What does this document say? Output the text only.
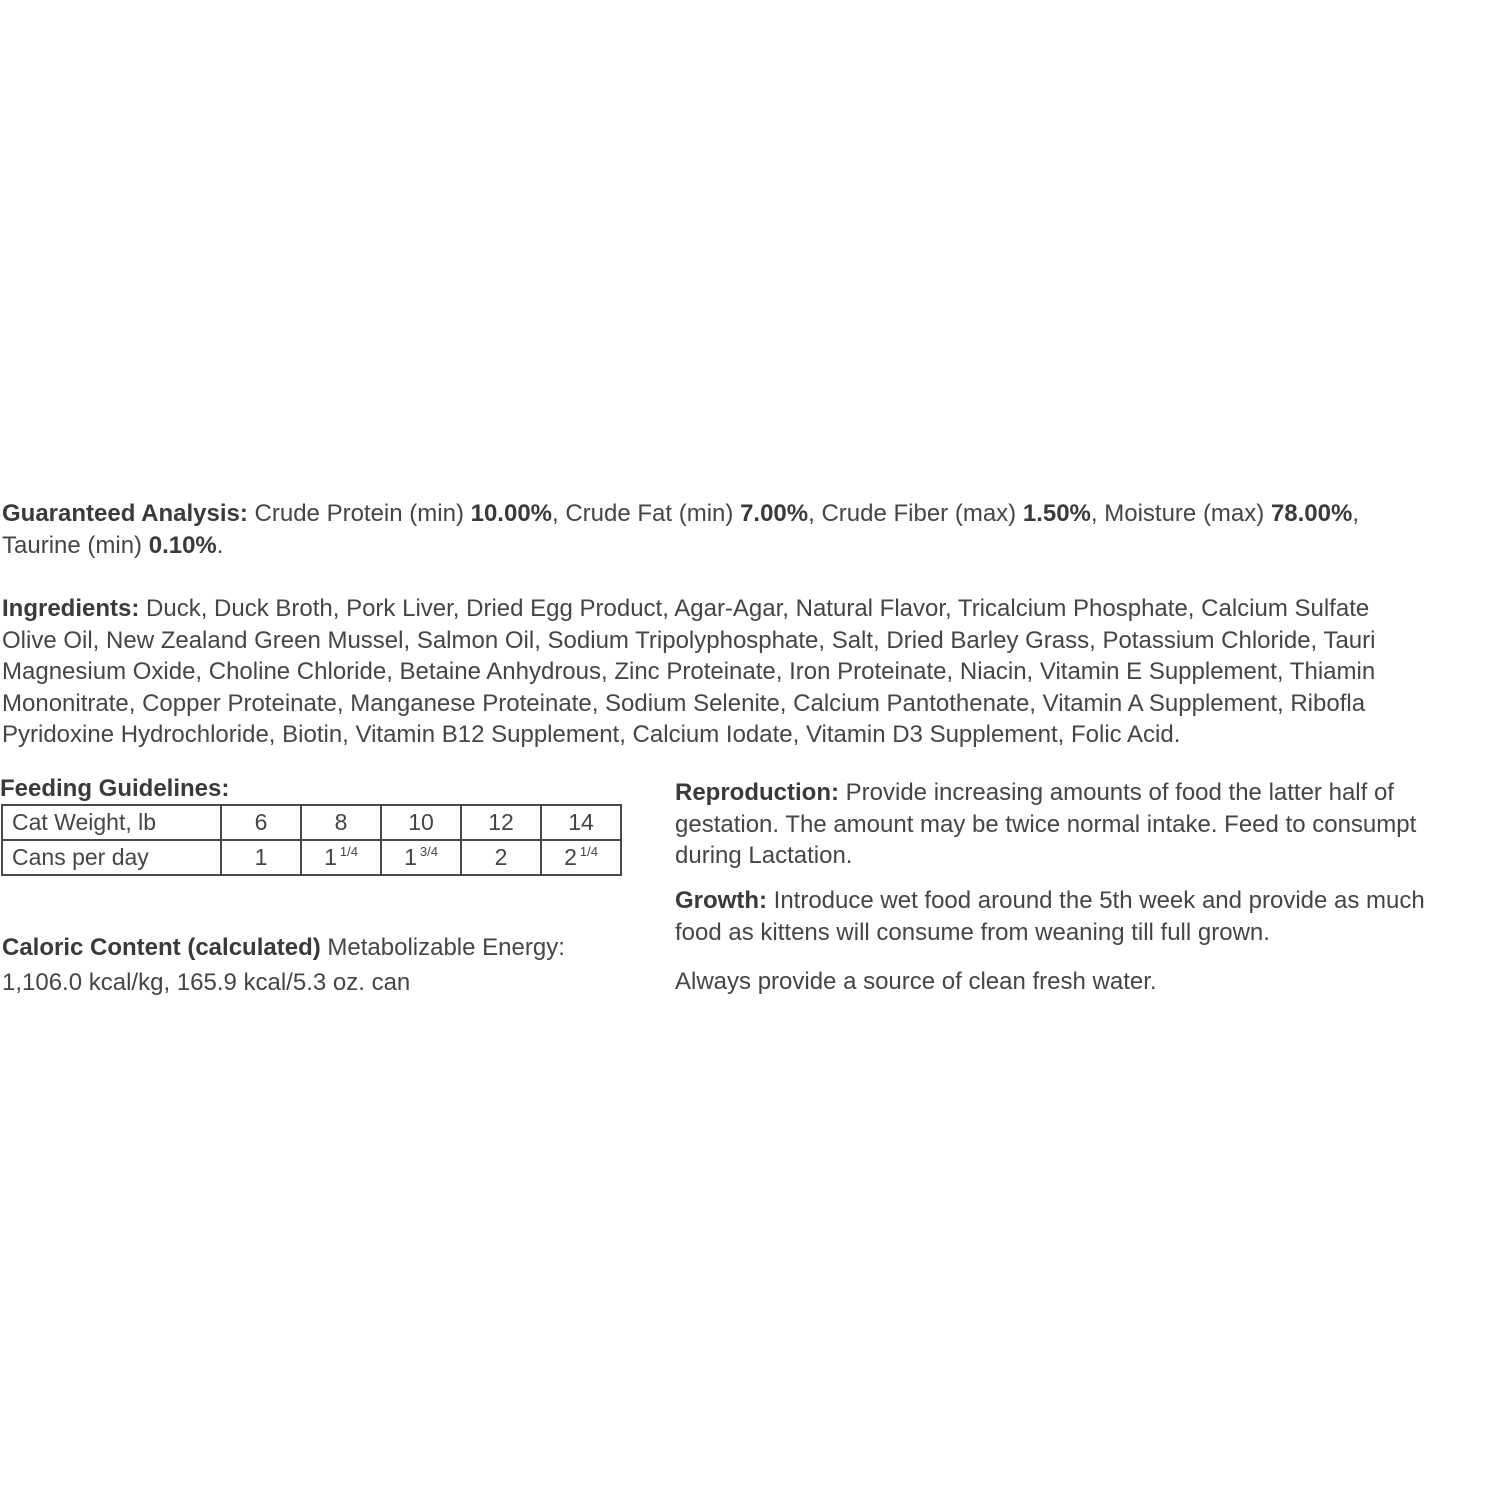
Guaranteed Analysis: Crude Protein (min) 10.00%, Crude Fat (min) 7.00%, Crude Fiber (max) 1.50%, Moisture (max) 78.00%,
Taurine (min) 0.10%.
Ingredients: Duck, Duck Broth, Pork Liver, Dried Egg Product, Agar-Agar, Natural Flavor, Tricalcium Phosphate, Calcium Sulfate
Olive Oil, New Zealand Green Mussel, Salmon Oil, Sodium Tripolyphosphate, Salt, Dried Barley Grass, Potassium Chloride, Tauri
Magnesium Oxide, Choline Chloride, Betaine Anhydrous, Zinc Proteinate, Iron Proteinate, Niacin, Vitamin E Supplement, Thiamin
Mononitrate, Copper Proteinate, Manganese Proteinate, Sodium Selenite, Calcium Pantothenate, Vitamin A Supplement, Ribofla
Pyridoxine Hydrochloride, Biotin, Vitamin B12 Supplement, Calcium Iodate, Vitamin D3 Supplement, Folic Acid.
Feeding Guidelines:
Cat Weight, lb	6	8	10	12	14
Cans per day	1	1 $^{1/4}$	1 $^{3/4}$	2	2 $^{1/4}$
Caloric Content (calculated) Metabolizable Energy:
1,106.0 kcal/kg, 165.9 kcal/5.3 oz. can
Reproduction: Provide increasing amounts of food the latter half of
gestation. The amount may be twice normal intake. Feed to consumpt
during Lactation.
Growth: Introduce wet food around the 5th week and provide as much
food as kittens will consume from weaning till full grown.
Always provide a source of clean fresh water.
